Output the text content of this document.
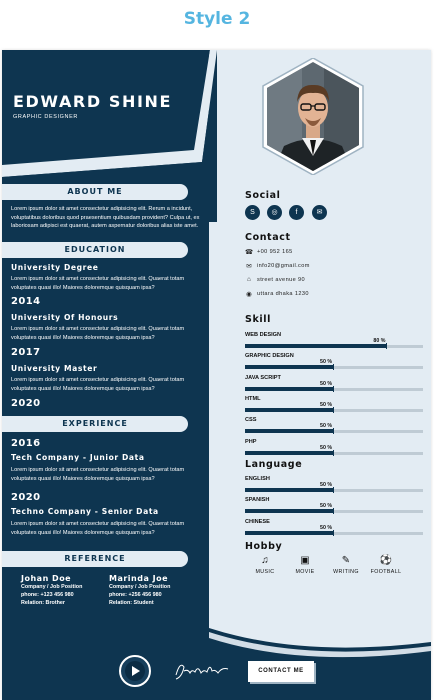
Style 2
EDWARD SHINE
GRAPHIC DESIGNER
ABOUT ME
Lorem ipsum dolor sit amet consectetur adipisicing elit. Rerum a incidunt, voluptatibus doloribus quod praesentium quibusdam provident? Culpa ut, ex laboriosam adipisci est quaerat, autem aspernatur doloribus alias iste amet.
EDUCATION
University Degree
Lorem ipsum dolor sit amet consectetur adipisicing elit. Quaerat totam voluptates quasi illo! Maiores doloremque quisquam ipsa?
2014
University Of Honours
Lorem ipsum dolor sit amet consectetur adipisicing elit. Quaerat totam voluptates quasi illo! Maiores doloremque quisquam ipsa?
2017
University Master
Lorem ipsum dolor sit amet consectetur adipisicing elit. Quaerat totam voluptates quasi illo! Maiores doloremque quisquam ipsa?
2020
EXPERIENCE
2016
Tech Company - Junior Data
Lorem ipsum dolor sit amet consectetur adipisicing elit. Quaerat totam voluptates quasi illo! Maiores doloremque quisquam ipsa?
2020
Techno Company - Senior Data
Lorem ipsum dolor sit amet consectetur adipisicing elit. Quaerat totam voluptates quasi illo! Maiores doloremque quisquam ipsa?
REFERENCE
Johan Doe
Company / Job Position
phone: +123 456 980
Relation: Brother
Marinda Joe
Company / Job Position
phone: +256 456 980
Relation: Student
Social
S	◎	f	✉
Contact
☎ +00 952 165
✉ info20@gmail.com
⌂	street avenue 90
◉ uttara dhaka 1230
Skill
WEB DESIGN
80 %
GRAPHIC DESIGN
50 %
JAVA SCRIPT
50 %
HTML
50 %
CSS
50 %
PHP
50 %
Language
ENGLISH
50 %
SPANISH
50 %
CHINESE
50 %
Hobby
♫
MUSIC
▣
MOVIE
✎
WRITING
⚽
FOOTBALL
CONTACT ME
